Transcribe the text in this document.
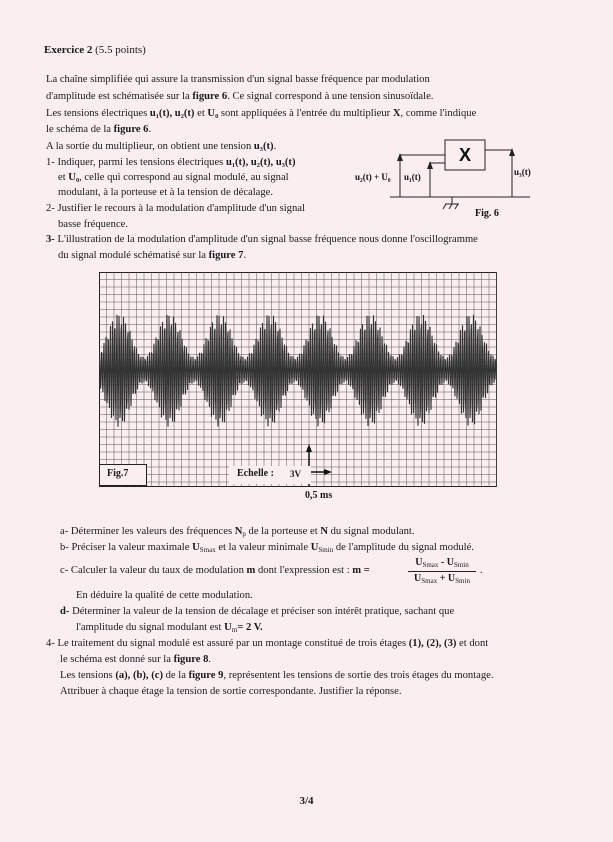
Exercice 2 (5.5 points)
La chaîne simplifiée qui assure la transmission d'un signal basse fréquence par modulation
d'amplitude est schématisée sur la figure 6. Ce signal correspond à une tension sinusoïdale.
Les tensions électriques u₁(t), u₂(t) et U₀ sont appliquées à l'entrée du multiplieur X, comme l'indique
le schéma de la figure 6.
A la sortie du multiplieur, on obtient une tension u₃(t).
1- Indiquer, parmi les tensions électriques u₁(t), u₂(t), u₃(t)
et U₀, celle qui correspond au signal modulé, au signal
modulant, à la porteuse et à la tension de décalage.
2- Justifier le recours à la modulation d'amplitude d'un signal
basse fréquence.
3- L'illustration de la modulation d'amplitude d'un signal basse fréquence nous donne l'oscillogramme
du signal modulé schématisé sur la figure 7.
X
u₂(t) + U₀ u₁(t)	u₃(t)
Fig. 6
Fig.7	Echelle : 3V
0,5 ms
a- Déterminer les valeurs des fréquences $N_p$ de la porteuse et N du signal modulant.
b- Préciser la valeur maximale $U_{Smax}$ et la valeur minimale $U_{Smin}$ de l'amplitude du signal modulé.
c- Calculer la valeur du taux de modulation m dont l'expression est : m =
$U_{Smax} - U_{Smin}$
$U_{Smax} + U_{Smin}$
.
En déduire la qualité de cette modulation.
d- Déterminer la valeur de la tension de décalage et préciser son intérêt pratique, sachant que
l'amplitude du signal modulant est $U_m= 2$ V.
4- Le traitement du signal modulé est assuré par un montage constitué de trois étages (1), (2), (3) et dont
le schéma est donné sur la figure 8.
Les tensions (a), (b), (c) de la figure 9, représentent les tensions de sortie des trois étages du montage.
Attribuer à chaque étage la tension de sortie correspondante. Justifier la réponse.
3/4
